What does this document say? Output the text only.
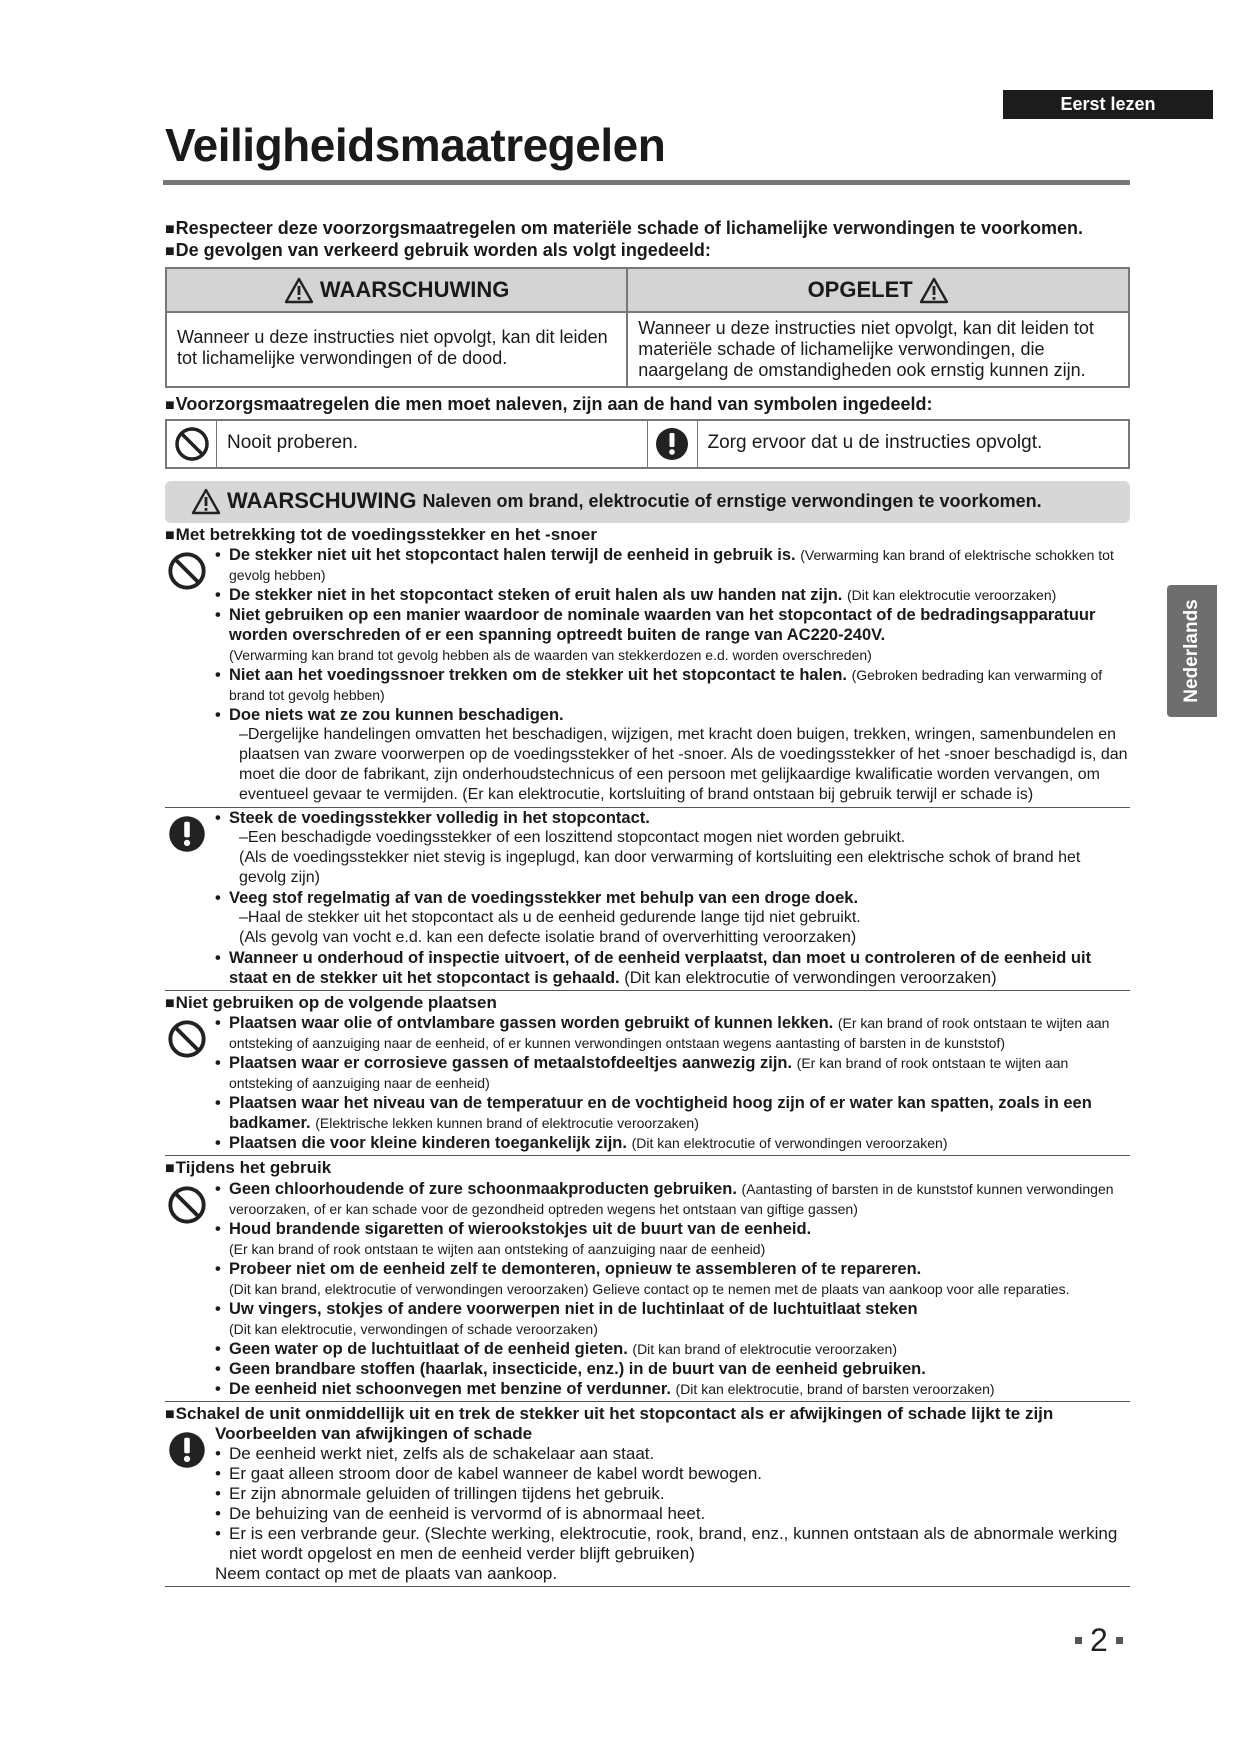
Eerst lezen
Veiligheidsmaatregelen
Nederlands
■ Respecteer deze voorzorgsmaatregelen om materiële schade of lichamelijke verwondingen te voorkomen.
■ De gevolgen van verkeerd gebruik worden als volgt ingedeeld:
WAARSCHUWING	OPGELET
Wanneer u deze instructies niet opvolgt, kan dit leiden tot lichamelijke verwondingen of de dood.
Wanneer u deze instructies niet opvolgt, kan dit leiden tot materiële schade of lichamelijke verwondingen, die naargelang de omstandigheden ook ernstig kunnen zijn.
■ Voorzorgsmaatregelen die men moet naleven, zijn aan de hand van symbolen ingedeeld:
Nooit proberen.	Zorg ervoor dat u de instructies opvolgt.
WAARSCHUWING Naleven om brand, elektrocutie of ernstige verwondingen te voorkomen.
■ Met betrekking tot de voedingsstekker en het -snoer
• De stekker niet uit het stopcontact halen terwijl de eenheid in gebruik is. (Verwarming kan brand of elektrische schokken tot gevolg hebben)
• De stekker niet in het stopcontact steken of eruit halen als uw handen nat zijn. (Dit kan elektrocutie veroorzaken)
• Niet gebruiken op een manier waardoor de nominale waarden van het stopcontact of de bedradingsapparatuur worden overschreden of er een spanning optreedt buiten de range van AC220-240V.
(Verwarming kan brand tot gevolg hebben als de waarden van stekkerdozen e.d. worden overschreden)
• Niet aan het voedingssnoer trekken om de stekker uit het stopcontact te halen. (Gebroken bedrading kan verwarming of brand tot gevolg hebben)
• Doe niets wat ze zou kunnen beschadigen.
–Dergelijke handelingen omvatten het beschadigen, wijzigen, met kracht doen buigen, trekken, wringen, samenbundelen en plaatsen van zware voorwerpen op de voedingsstekker of het -snoer. Als de voedingsstekker of het -snoer beschadigd is, dan moet die door de fabrikant, zijn onderhoudstechnicus of een persoon met gelijkaardige kwalificatie worden vervangen, om eventueel gevaar te vermijden. (Er kan elektrocutie, kortsluiting of brand ontstaan bij gebruik terwijl er schade is)
• Steek de voedingsstekker volledig in het stopcontact.
–Een beschadigde voedingsstekker of een loszittend stopcontact mogen niet worden gebruikt.
(Als de voedingsstekker niet stevig is ingeplugd, kan door verwarming of kortsluiting een elektrische schok of brand het gevolg zijn)
• Veeg stof regelmatig af van de voedingsstekker met behulp van een droge doek.
–Haal de stekker uit het stopcontact als u de eenheid gedurende lange tijd niet gebruikt.
(Als gevolg van vocht e.d. kan een defecte isolatie brand of oververhitting veroorzaken)
• Wanneer u onderhoud of inspectie uitvoert, of de eenheid verplaatst, dan moet u controleren of de eenheid uit staat en de stekker uit het stopcontact is gehaald. (Dit kan elektrocutie of verwondingen veroorzaken)
■ Niet gebruiken op de volgende plaatsen
• Plaatsen waar olie of ontvlambare gassen worden gebruikt of kunnen lekken. (Er kan brand of rook ontstaan te wijten aan ontsteking of aanzuiging naar de eenheid, of er kunnen verwondingen ontstaan wegens aantasting of barsten in de kunststof)
• Plaatsen waar er corrosieve gassen of metaalstofdeeltjes aanwezig zijn. (Er kan brand of rook ontstaan te wijten aan ontsteking of aanzuiging naar de eenheid)
• Plaatsen waar het niveau van de temperatuur en de vochtigheid hoog zijn of er water kan spatten, zoals in een badkamer. (Elektrische lekken kunnen brand of elektrocutie veroorzaken)
• Plaatsen die voor kleine kinderen toegankelijk zijn. (Dit kan elektrocutie of verwondingen veroorzaken)
■ Tijdens het gebruik
• Geen chloorhoudende of zure schoonmaakproducten gebruiken. (Aantasting of barsten in de kunststof kunnen verwondingen veroorzaken, of er kan schade voor de gezondheid optreden wegens het ontstaan van giftige gassen)
• Houd brandende sigaretten of wierookstokjes uit de buurt van de eenheid.
(Er kan brand of rook ontstaan te wijten aan ontsteking of aanzuiging naar de eenheid)
• Probeer niet om de eenheid zelf te demonteren, opnieuw te assembleren of te repareren.
(Dit kan brand, elektrocutie of verwondingen veroorzaken) Gelieve contact op te nemen met de plaats van aankoop voor alle reparaties.
• Uw vingers, stokjes of andere voorwerpen niet in de luchtinlaat of de luchtuitlaat steken
(Dit kan elektrocutie, verwondingen of schade veroorzaken)
• Geen water op de luchtuitlaat of de eenheid gieten. (Dit kan brand of elektrocutie veroorzaken)
• Geen brandbare stoffen (haarlak, insecticide, enz.) in de buurt van de eenheid gebruiken.
• De eenheid niet schoonvegen met benzine of verdunner. (Dit kan elektrocutie, brand of barsten veroorzaken)
■ Schakel de unit onmiddellijk uit en trek de stekker uit het stopcontact als er afwijkingen of schade lijkt te zijn
Voorbeelden van afwijkingen of schade
• De eenheid werkt niet, zelfs als de schakelaar aan staat.
• Er gaat alleen stroom door de kabel wanneer de kabel wordt bewogen.
• Er zijn abnormale geluiden of trillingen tijdens het gebruik.
• De behuizing van de eenheid is vervormd of is abnormaal heet.
• Er is een verbrande geur. (Slechte werking, elektrocutie, rook, brand, enz., kunnen ontstaan als de abnormale werking niet wordt opgelost en men de eenheid verder blijft gebruiken)
Neem contact op met de plaats van aankoop.
2
